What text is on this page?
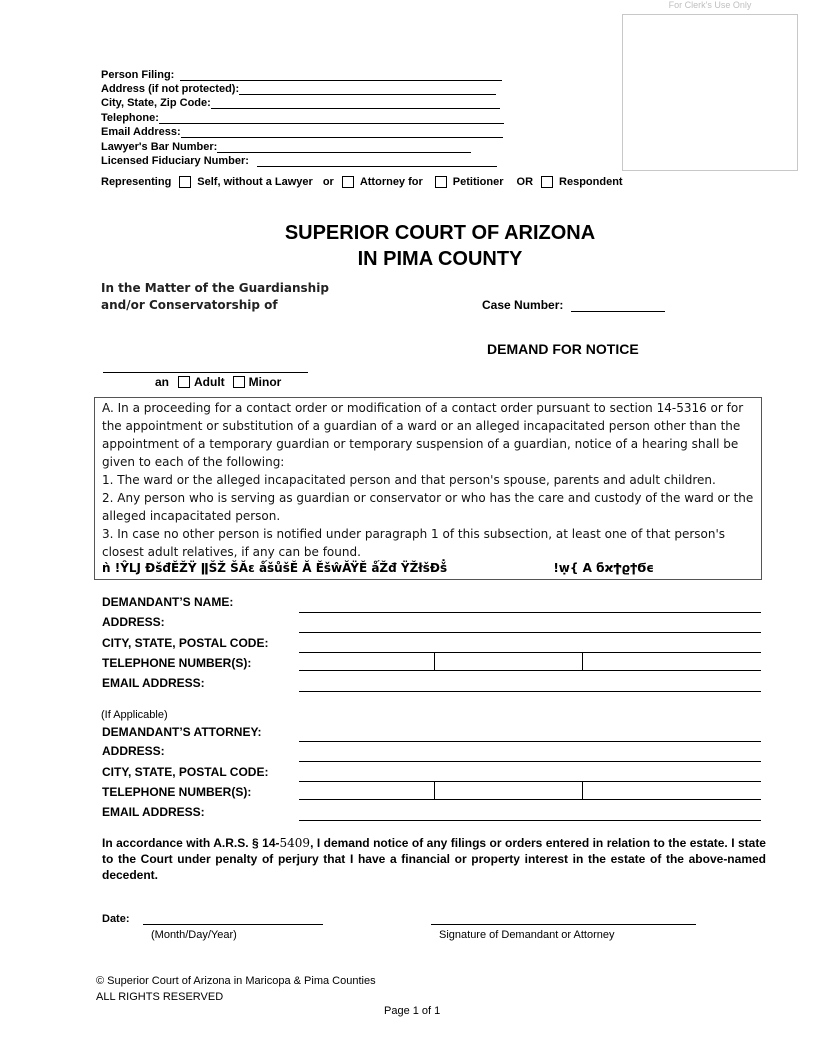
For Clerk's Use Only
Person Filing:
Address (if not protected):
City, State, Zip Code:
Telephone:
Email Address:
Lawyer's Bar Number:
Licensed Fiduciary Number:
Representing Self, without a Lawyer or Attorney for	Petitioner OR Respondent
SUPERIOR COURT OF ARIZONA
IN PIMA COUNTY
In the Matter of the Guardianship
and/or Conservatorship of	Case Number:
DEMAND FOR NOTICE
an Adult Minor

A. In a proceeding for a contact order or modification of a contact order pursuant to section 14-5316 or for the appointment or substitution of a guardian of a ward or an alleged incapacitated person other than the appointment of a temporary guardian or temporary suspension of a guardian, notice of a hearing shall be given to each of the following:

1. The ward or the alleged incapacitated person and that person's spouse, parents and adult children.

2. Any person who is serving as guardian or conservator or who has the care and custody of the ward or the alleged incapacitated person.

3. In case no other person is notified under paragraph 1 of this subsection, at least one of that person's closest adult relatives, if any can be found.

ǹ !ŶLJ ĐšđĚŽŸ ǁŠŽ ŠĂɛ ǻšůšĚ Ă ĚšŵĂŸĚ ǻŽđ ŸŽłšĐṧ	!ẉ{ A бϰϮϱϯϬϵ
DEMANDANT’S NAME:
ADDRESS:
CITY, STATE, POSTAL CODE:
TELEPHONE NUMBER(S):
EMAIL ADDRESS:
(If Applicable)
DEMANDANT’S ATTORNEY:
ADDRESS:
CITY, STATE, POSTAL CODE:
TELEPHONE NUMBER(S):
EMAIL ADDRESS:
In accordance with A.R.S. § 14-5409, I demand notice of any filings or orders entered in relation to the estate. I state to the Court under penalty of perjury that I have a financial or property interest in the estate of the above-named decedent.
Date:
(Month/Day/Year)	Signature of Demandant or Attorney
© Superior Court of Arizona in Maricopa & Pima Counties
ALL RIGHTS RESERVED
Page 1 of 1
